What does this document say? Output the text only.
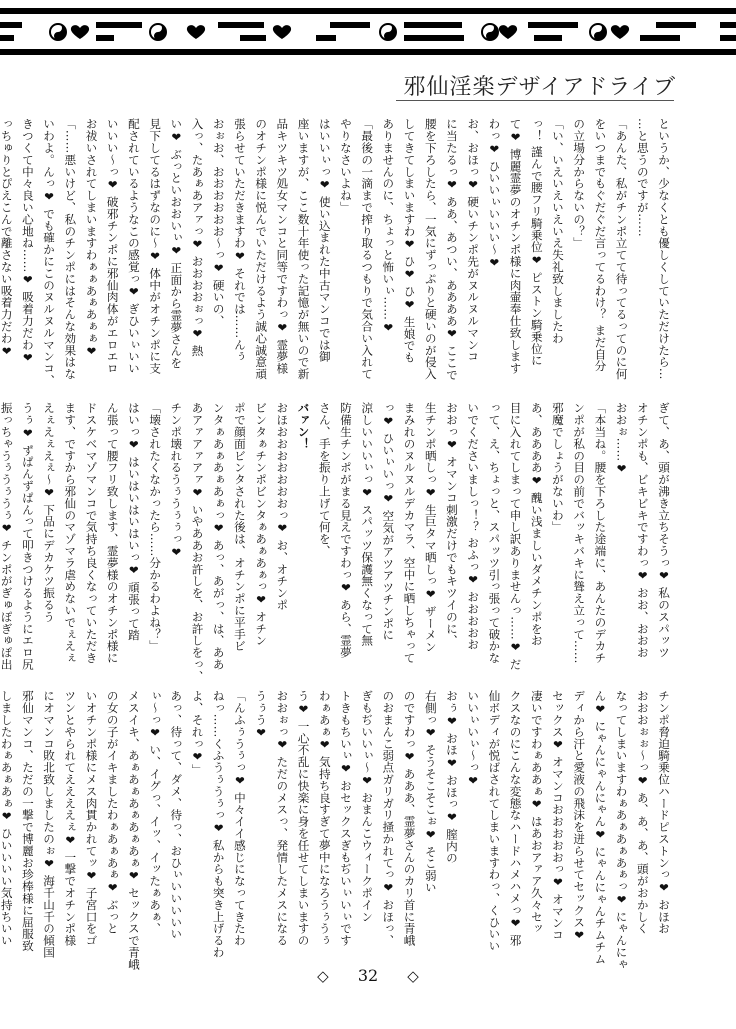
邪仙淫楽デザイアドライブ
というか、少なくとも優しくしていただけたら…
…と思うのですが……
「あんた、私がチンポ立てて待ってるってのに何
をいつまでもぐだぐだ言ってるわけ？ まだ自分
の立場分からないの？」
「い、いえいえいえいえ失礼致しましたわ
っ！ 謹んで腰フリ騎乗位❤ ピストン騎乗位に
て❤ 博麗霊夢のオチンポ様に肉壷奉仕致します
わっ❤ ひいいぃいいい～❤
お、おほっ❤ 硬いチンポ先がヌルヌルマンコ
に当たるっ❤ ああ、あつい、ああああ❤ ここで
腰を下ろしたら、一気にずっぷりと硬いのが侵入
してきてしまいますわ❤ ひ❤ ひ❤ 生娘でも
ありませんのに、ちょっと怖いぃ……❤
「最後の一滴まで搾り取るつもりで気合い入れて
やりなさいよね」
はいいぃっ❤ 使い込まれた中古マンコでは御
座いますが、ここ数十年使った記憶が無いので新
品キツキツ処女マンコと同等ですわっ❤ 霊夢様
のオチンポ様に悦んでいただけるよう誠心誠意頑
張らせていただきますわ❤ それでは……んぅ
おぉお、おおおおおお～っ❤ 硬いの、
入っ、たあぁあアァっ❤ おおおおぉっ❤ 熱
い❤ ぶっといおおいぃ❤ 正面から霊夢さんを
見下してるはずなのに～❤ 体中がオチンポに支
配されているようなこの感覚っ❤ ぎひいぃいい
いいい～っ❤ 破邪チンポに邪仙肉体がエロエロ
お祓いされてしまいますわぁぁあぁあぁぁ❤
「……悪いけど、私のチンポにはそんな効果はな
いわよ。んっ❤ でも確かにこのヌルヌルマンコ、
きつくて中々良い心地ね……❤ 吸着力だわ❤
っちゅりとぴえこんで離さない吸着力だわ❤
ぎて、あ、頭が沸き立ちそうっ❤ 私のスパッツ
オチンポも、ビキビキですわっ❤ おお、おおお
おおぉ……❤
「本当ね。腰を下ろした途端に、あんたのデカチ
ンポが私の目の前でバッキバキに聳え立って……
邪魔でしょうがないわ」
あ、ああああ❤ 醜い浅ましいダメチンポをお
目に入れてしまって申し訳ありませんっ……❤ だ
って、え、ちょっと、スパッツ引っ張って破かな
いでくださいましっ！？ おふっ❤ おおおおお
おおっ❤ オマンコ刺激だけでもキツイのに、
生チンポ晒しっ❤ 生巨タマ晒しっ❤ ザーメン
まみれのヌルヌルデカマラ、空中に晒しちゃって
っ❤ ひいぃいっ❤ 空気がアツアツチンポに
涼しいいいぃっ❤ スパッツ保護無くなって無
防備生チンポがまる見えですわっ❤ あら、霊夢
さん、手を振り上げて何を、
バァン！
おほおおおおおおおっ❤ お、オチンポ
ビンタぁチンポビンタぁあぁあぁっ❤ オチン
ポで顔面ビンタされた後は、オチンポに平手ビ
ンタぁあぁあぁあぁっ❤ あっ、あがっ、は、ああ
あアァアァアァ❤ いやああお許しを、お許しをっ、
チンポ壊れるうぅうぅぅっ❤
「壊されたくなかったら……分かるわよね？」
はいっ❤ はいはいはいはいっ❤ 頑張って踏
ん張って腰フリ致します、霊夢様のオチンポ様に
ドスケベマゾマンコで気持ち良くなっていただき
ます、ですから邪仙のマゾマラ虐めないでぇえぇ
えぇえぇえぇ～❤ 下品にデカケツ振るう
うぅ❤ ずぱんずぱんって叩きつけるようにエロ尻
振っちゃうぅうぅうぅ❤ チンポがぎゅぽぎゅぽ出
チンポ脅迫騎乗位ハードピストンっ❤ おほお
おおおぉぉ～っ❤ あ、あ、あ、頭がおかしく
なってしまいますわぁあぁあぁあぁっ❤ にゃんにゃ
ん❤ にゃんにゃんにゃん❤ にゃんにゃんチムチム
ディから汗と愛液の飛沫を迸らせてセックス❤
セックス❤ オマンコおおおおおっ❤ オマンコ
凄いですわぁああぁ❤ はあおアァア久々セッ
クスなのにこんな変態なハードハメハメっ❤ 邪
仙ボディが悦ばされてしまいますわっ、くひいい
いいぃいぃ～っ❤
おぅ❤ おほ❤ おほっ❤ 膣内の
右側っ❤ そうそこそこぉ❤ そこ弱い
のですわっ❤ あああ、霊夢さんのカリ首に青峨
のおまんこ弱点ガリガリ掻かれてっ❤ おほっ、
ぎもぢいいぃ～❤ おまんこウィークポイン
トきもちいぃ❤ おセックスぎもぢいぃいぃです
わぁあぁ❤ 気持ち良すぎて夢中になろうぅうぅ
う❤ 一心不乱に快楽に身を任せてしまいますの
おおぉっ❤ ただのメスっ、発情したメスになる
うぅう❤
「んふぅうぅっ❤ 中々イイ感じになってきたわ
ねっ……くふうぅうぅっ❤ 私からも突き上げるわ
よ、それっ❤」
あっ、待って、ダメ、待っ、おひぃいいいいい
ぃ～っ❤ い、イグっ、イッ、イッたぁあぁ、
メスイキ、あぁあぁあぁあぁあぁ❤ セックスで青峨
の女の子がイキましたわぁあぁあぁ❤ ぶっと
いオチンポ様にメス肉貫かれてッ❤ 子宮口をゴ
ツンとやられてええええぇ❤ 一撃でオチンポ様
にオマンコ敗北致しましたのぉ❤ 海千山千の傾国
邪仙マンコ、ただの一撃で博麗お珍棒様に屈服致
しましたわぁあぁあぁ❤ ひいいいい気持ちいい
◇ 32 ◇
